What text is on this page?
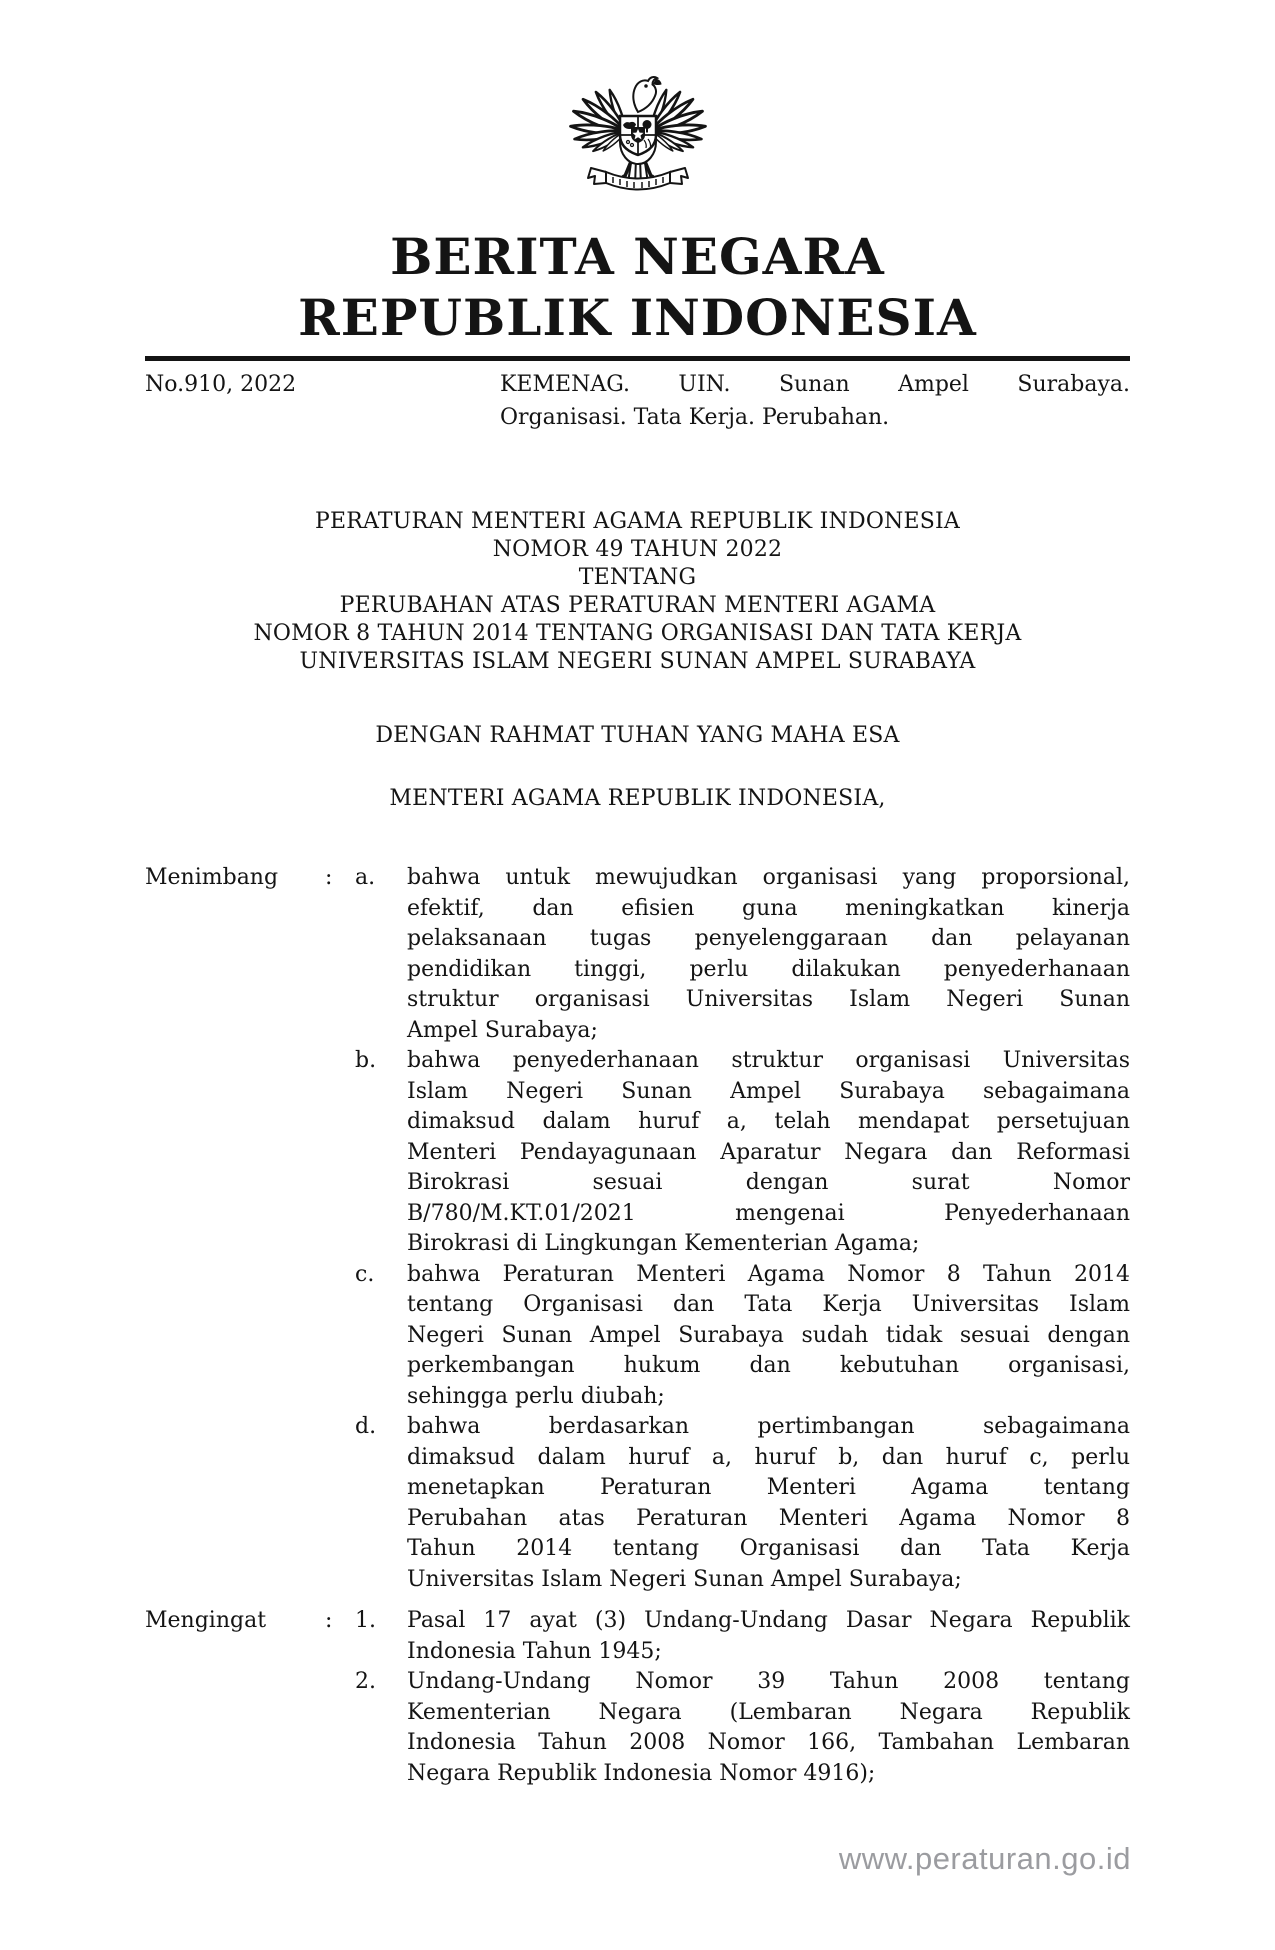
BERITA NEGARA
REPUBLIK INDONESIA
No.910, 2022	KEMENAG. UIN. Sunan Ampel Surabaya.
Organisasi. Tata Kerja. Perubahan.
PERATURAN MENTERI AGAMA REPUBLIK INDONESIA
NOMOR 49 TAHUN 2022
TENTANG
PERUBAHAN ATAS PERATURAN MENTERI AGAMA
NOMOR 8 TAHUN 2014 TENTANG ORGANISASI DAN TATA KERJA
UNIVERSITAS ISLAM NEGERI SUNAN AMPEL SURABAYA
DENGAN RAHMAT TUHAN YANG MAHA ESA
MENTERI AGAMA REPUBLIK INDONESIA,
Menimbang	:	a.	bahwa untuk mewujudkan organisasi yang proporsional,
efektif, dan efisien guna meningkatkan kinerja
pelaksanaan tugas penyelenggaraan dan pelayanan
pendidikan tinggi, perlu dilakukan penyederhanaan
struktur organisasi Universitas Islam Negeri Sunan
Ampel Surabaya;
b.	bahwa penyederhanaan struktur organisasi Universitas
Islam Negeri Sunan Ampel Surabaya sebagaimana
dimaksud dalam huruf a, telah mendapat persetujuan
Menteri Pendayagunaan Aparatur Negara dan Reformasi
Birokrasi sesuai dengan surat Nomor
B/780/M.KT.01/2021 mengenai Penyederhanaan
Birokrasi di Lingkungan Kementerian Agama;
c.	bahwa Peraturan Menteri Agama Nomor 8 Tahun 2014
tentang Organisasi dan Tata Kerja Universitas Islam
Negeri Sunan Ampel Surabaya sudah tidak sesuai dengan
perkembangan hukum dan kebutuhan organisasi,
sehingga perlu diubah;
d.	bahwa berdasarkan pertimbangan sebagaimana
dimaksud dalam huruf a, huruf b, dan huruf c, perlu
menetapkan Peraturan Menteri Agama tentang
Perubahan atas Peraturan Menteri Agama Nomor 8
Tahun 2014 tentang Organisasi dan Tata Kerja
Universitas Islam Negeri Sunan Ampel Surabaya;
Mengingat	:	1.	Pasal 17 ayat (3) Undang-Undang Dasar Negara Republik
Indonesia Tahun 1945;
2.	Undang-Undang Nomor 39 Tahun 2008 tentang
Kementerian Negara (Lembaran Negara Republik
Indonesia Tahun 2008 Nomor 166, Tambahan Lembaran
Negara Republik Indonesia Nomor 4916);
www.peraturan.go.id
